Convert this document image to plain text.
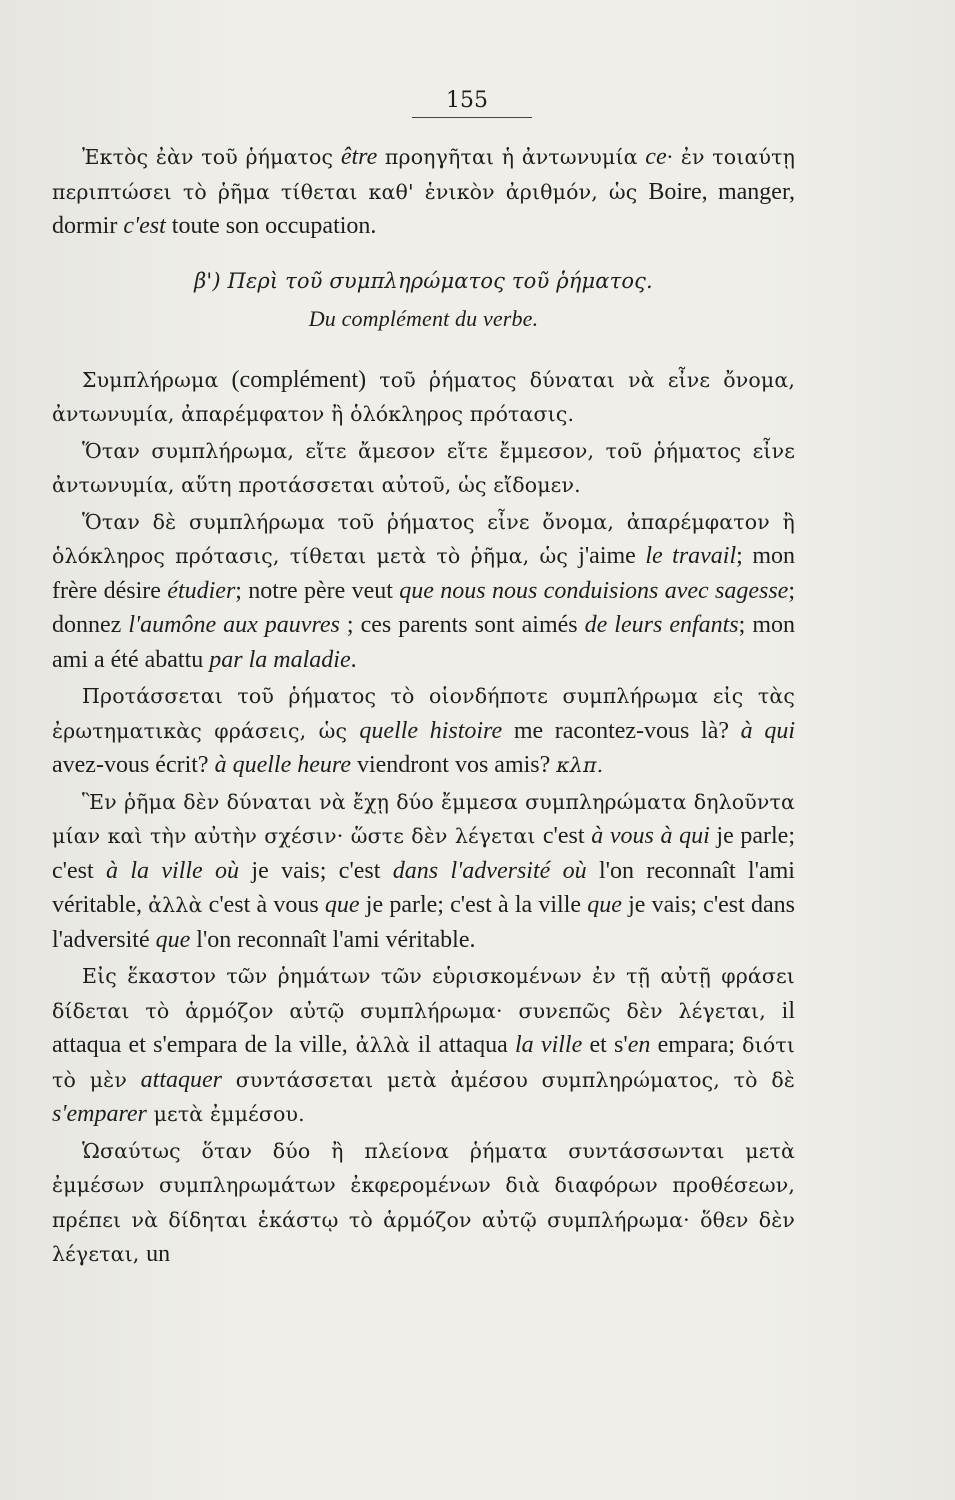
155

Ἐκτὸς ἐὰν τοῦ ῥήματος être προηγῆται ἡ ἀντωνυμία ce· ἐν τοιαύτῃ περιπτώσει τὸ ῥῆμα τίθεται καθ' ἑνικὸν ἀριθμόν, ὡς Boire, manger, dormir c'est toute son occupation.

β') Περὶ τοῦ συμπληρώματος τοῦ ῥήματος.
Du complément du verbe.

Συμπλήρωμα (complément) τοῦ ῥήματος δύναται νὰ εἶνε ὄνομα, ἀντωνυμία, ἀπαρέμφατον ἢ ὁλόκληρος πρότασις.

Ὅταν συμπλήρωμα, εἴτε ἄμεσον εἴτε ἔμμεσον, τοῦ ῥήματος εἶνε ἀντωνυμία, αὕτη προτάσσεται αὐτοῦ, ὡς εἴδομεν.

Ὅταν δὲ συμπλήρωμα τοῦ ῥήματος εἶνε ὄνομα, ἀπαρέμφατον ἢ ὁλόκληρος πρότασις, τίθεται μετὰ τὸ ῥῆμα, ὡς j'aime le travail; mon frère désire étudier; notre père veut que nous nous conduisions avec sagesse; donnez l'aumône aux pauvres ; ces parents sont aimés de leurs enfants; mon ami a été abattu par la maladie.

Προτάσσεται τοῦ ῥήματος τὸ οἱονδήποτε συμπλήρωμα εἰς τὰς ἐρωτηματικὰς φράσεις, ὡς quelle histoire me racontez-vous là? à qui avez-vous écrit? à quelle heure viendront vos amis? κλπ.

Ἓν ῥῆμα δὲν δύναται νὰ ἔχῃ δύο ἔμμεσα συμπληρώματα δηλοῦντα μίαν καὶ τὴν αὐτὴν σχέσιν· ὥστε δὲν λέγεται c'est à vous à qui je parle; c'est à la ville où je vais; c'est dans l'adversité où l'on reconnaît l'ami véritable, ἀλλὰ c'est à vous que je parle; c'est à la ville que je vais; c'est dans l'adversité que l'on reconnaît l'ami véritable.

Εἰς ἕκαστον τῶν ῥημάτων τῶν εὑρισκομένων ἐν τῇ αὐτῇ φράσει δίδεται τὸ ἁρμόζον αὐτῷ συμπλήρωμα· συνεπῶς δὲν λέγεται, il attaqua et s'empara de la ville, ἀλλὰ il attaqua la ville et s'en empara; διότι τὸ μὲν attaquer συντάσσεται μετὰ ἀμέσου συμπληρώματος, τὸ δὲ s'emparer μετὰ ἐμμέσου.

Ὡσαύτως ὅταν δύο ἢ πλείονα ῥήματα συντάσσωνται μετὰ ἐμμέσων συμπληρωμάτων ἐκφερομένων διὰ διαφόρων προθέσεων, πρέπει νὰ δίδηται ἑκάστῳ τὸ ἁρμόζον αὐτῷ συμπλήρωμα· ὅθεν δὲν λέγεται, un
